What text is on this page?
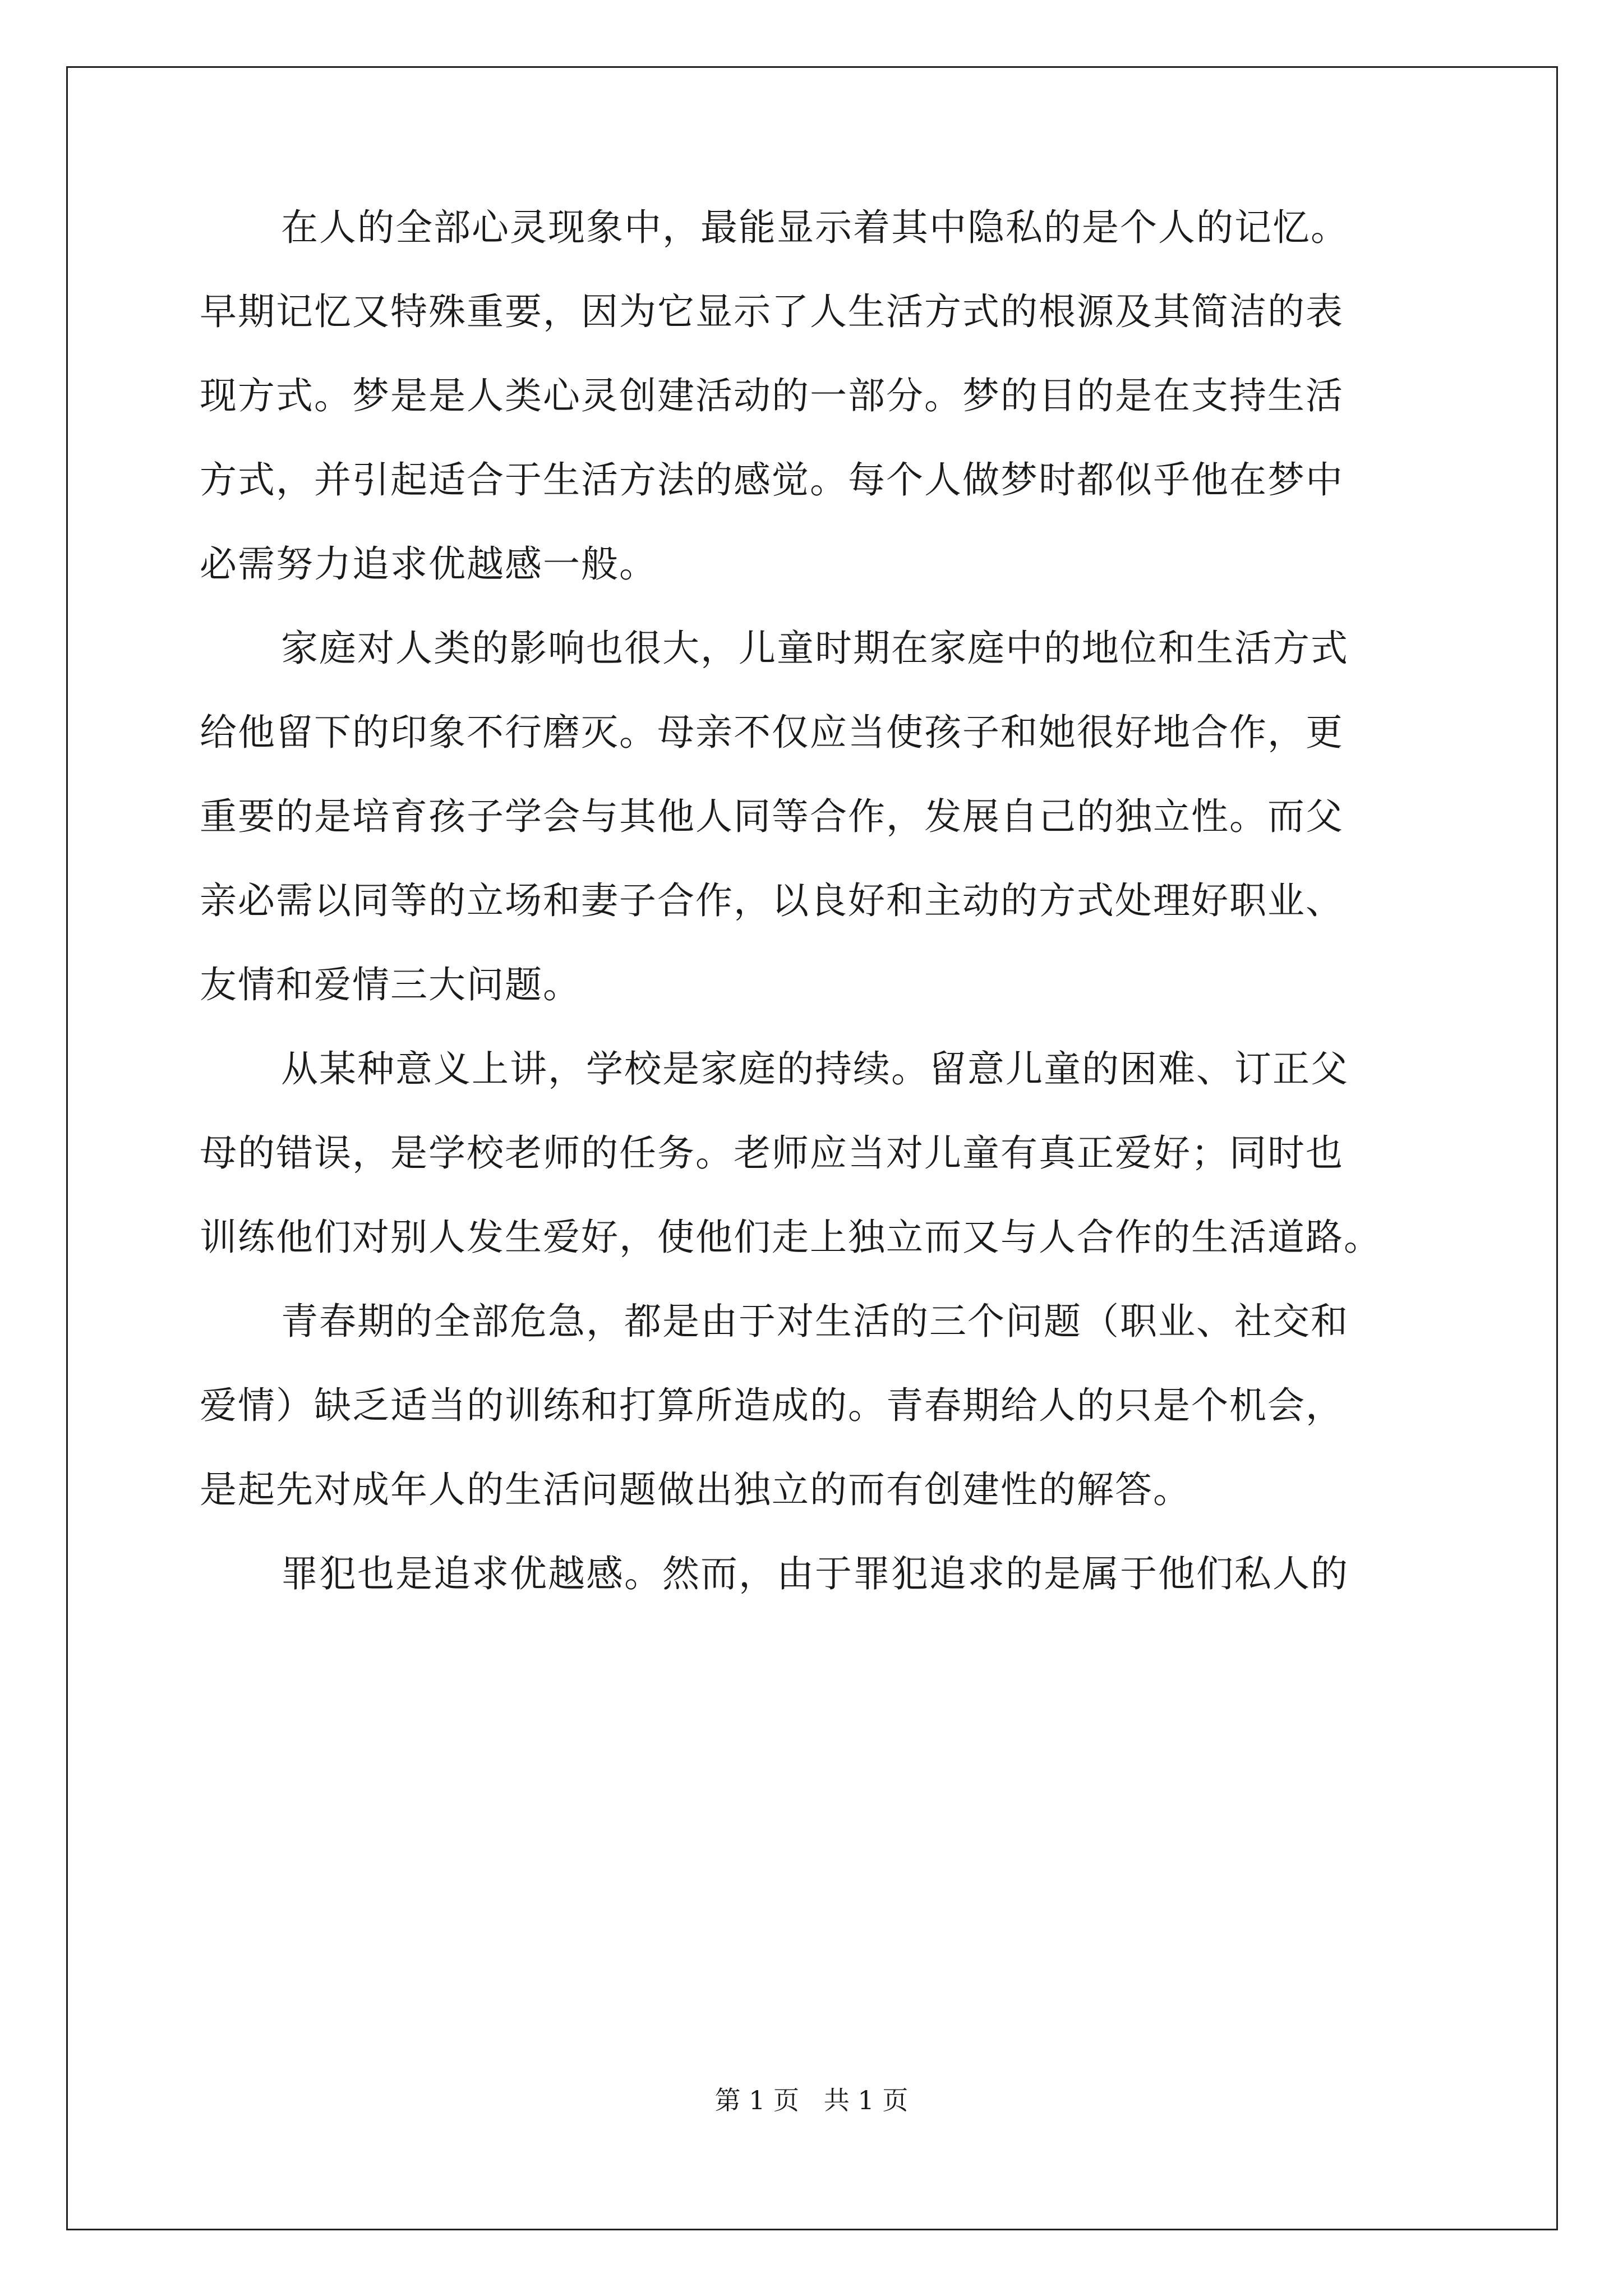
在人的全部心灵现象中，最能显示着其中隐私的是个人的记忆。
早期记忆又特殊重要，因为它显示了人生活方式的根源及其简洁的表
现方式。梦是是人类心灵创建活动的一部分。梦的目的是在支持生活
方式，并引起适合于生活方法的感觉。每个人做梦时都似乎他在梦中
必需努力追求优越感一般。
家庭对人类的影响也很大，儿童时期在家庭中的地位和生活方式
给他留下的印象不行磨灭。母亲不仅应当使孩子和她很好地合作，更
重要的是培育孩子学会与其他人同等合作，发展自己的独立性。而父
亲必需以同等的立场和妻子合作，以良好和主动的方式处理好职业、
友情和爱情三大问题。
从某种意义上讲，学校是家庭的持续。留意儿童的困难、订正父
母的错误，是学校老师的任务。老师应当对儿童有真正爱好；同时也
训练他们对别人发生爱好，使他们走上独立而又与人合作的生活道路。
青春期的全部危急，都是由于对生活的三个问题（职业、社交和
爱情）缺乏适当的训练和打算所造成的。青春期给人的只是个机会，
是起先对成年人的生活问题做出独立的而有创建性的解答。
罪犯也是追求优越感。然而，由于罪犯追求的是属于他们私人的
第 1 页   共 1 页
